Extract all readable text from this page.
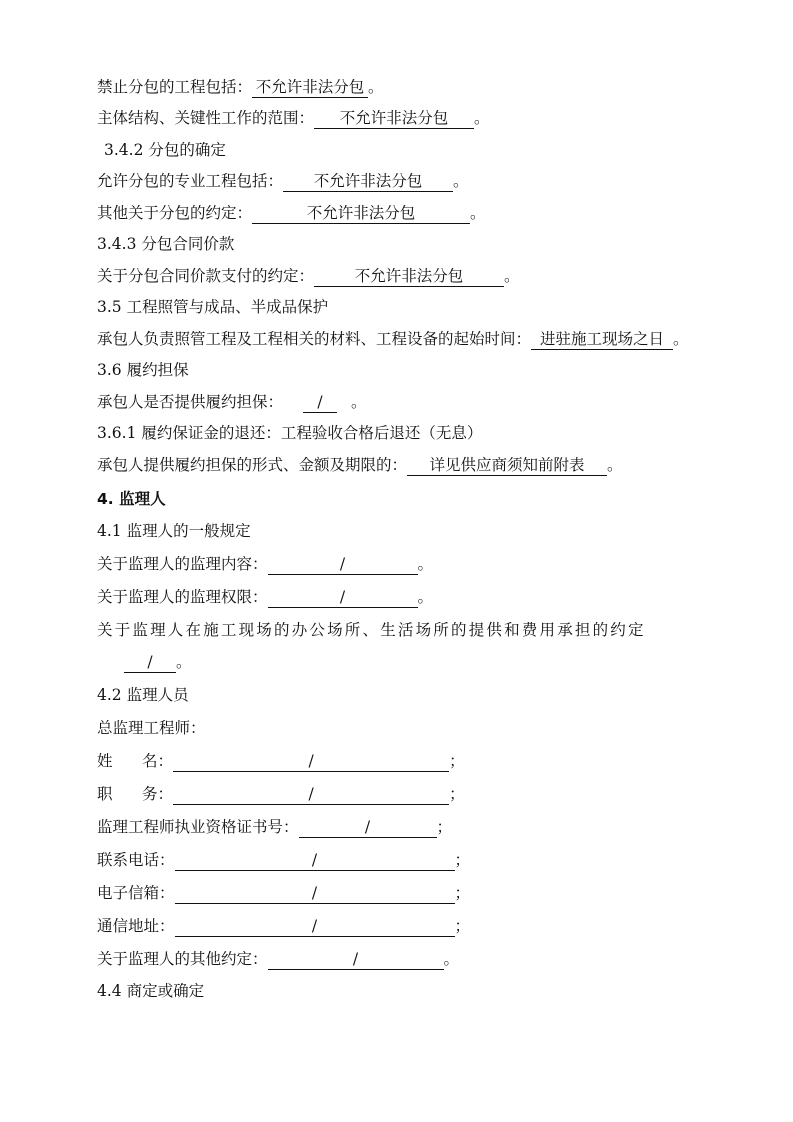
禁止分包的工程包括： 不允许非法分包 。
主体结构、关键性工作的范围： 不允许非法分包 。
3.4.2 分包的确定
允许分包的专业工程包括： 不允许非法分包 。
其他关于分包的约定：	不允许非法分包	。
3.4.3 分包合同价款
关于分包合同价款支付的约定：	不允许非法分包	。
3.5 工程照管与成品、半成品保护
承包人负责照管工程及工程相关的材料、工程设备的起始时间： 进驻施工现场之日 。
3.6 履约担保
承包人是否提供履约担保： / 。
3.6.1 履约保证金的退还：工程验收合格后退还（无息）
承包人提供履约担保的形式、金额及期限的： 详见供应商须知前附表 。
4. 监理人
4.1 监理人的一般规定
关于监理人的监理内容：	/	。
关于监理人的监理权限：	/	。
关于监理人在施工现场的办公场所、生活场所的提供和费用承担的约定
/ 。
4.2 监理人员
总监理工程师：
姓      名：	/	；
职      务：	/	；
监理工程师执业资格证书号：	/	；
联系电话：	/	；
电子信箱：	/	；
通信地址：	/	；
关于监理人的其他约定：	/	。
4.4 商定或确定
